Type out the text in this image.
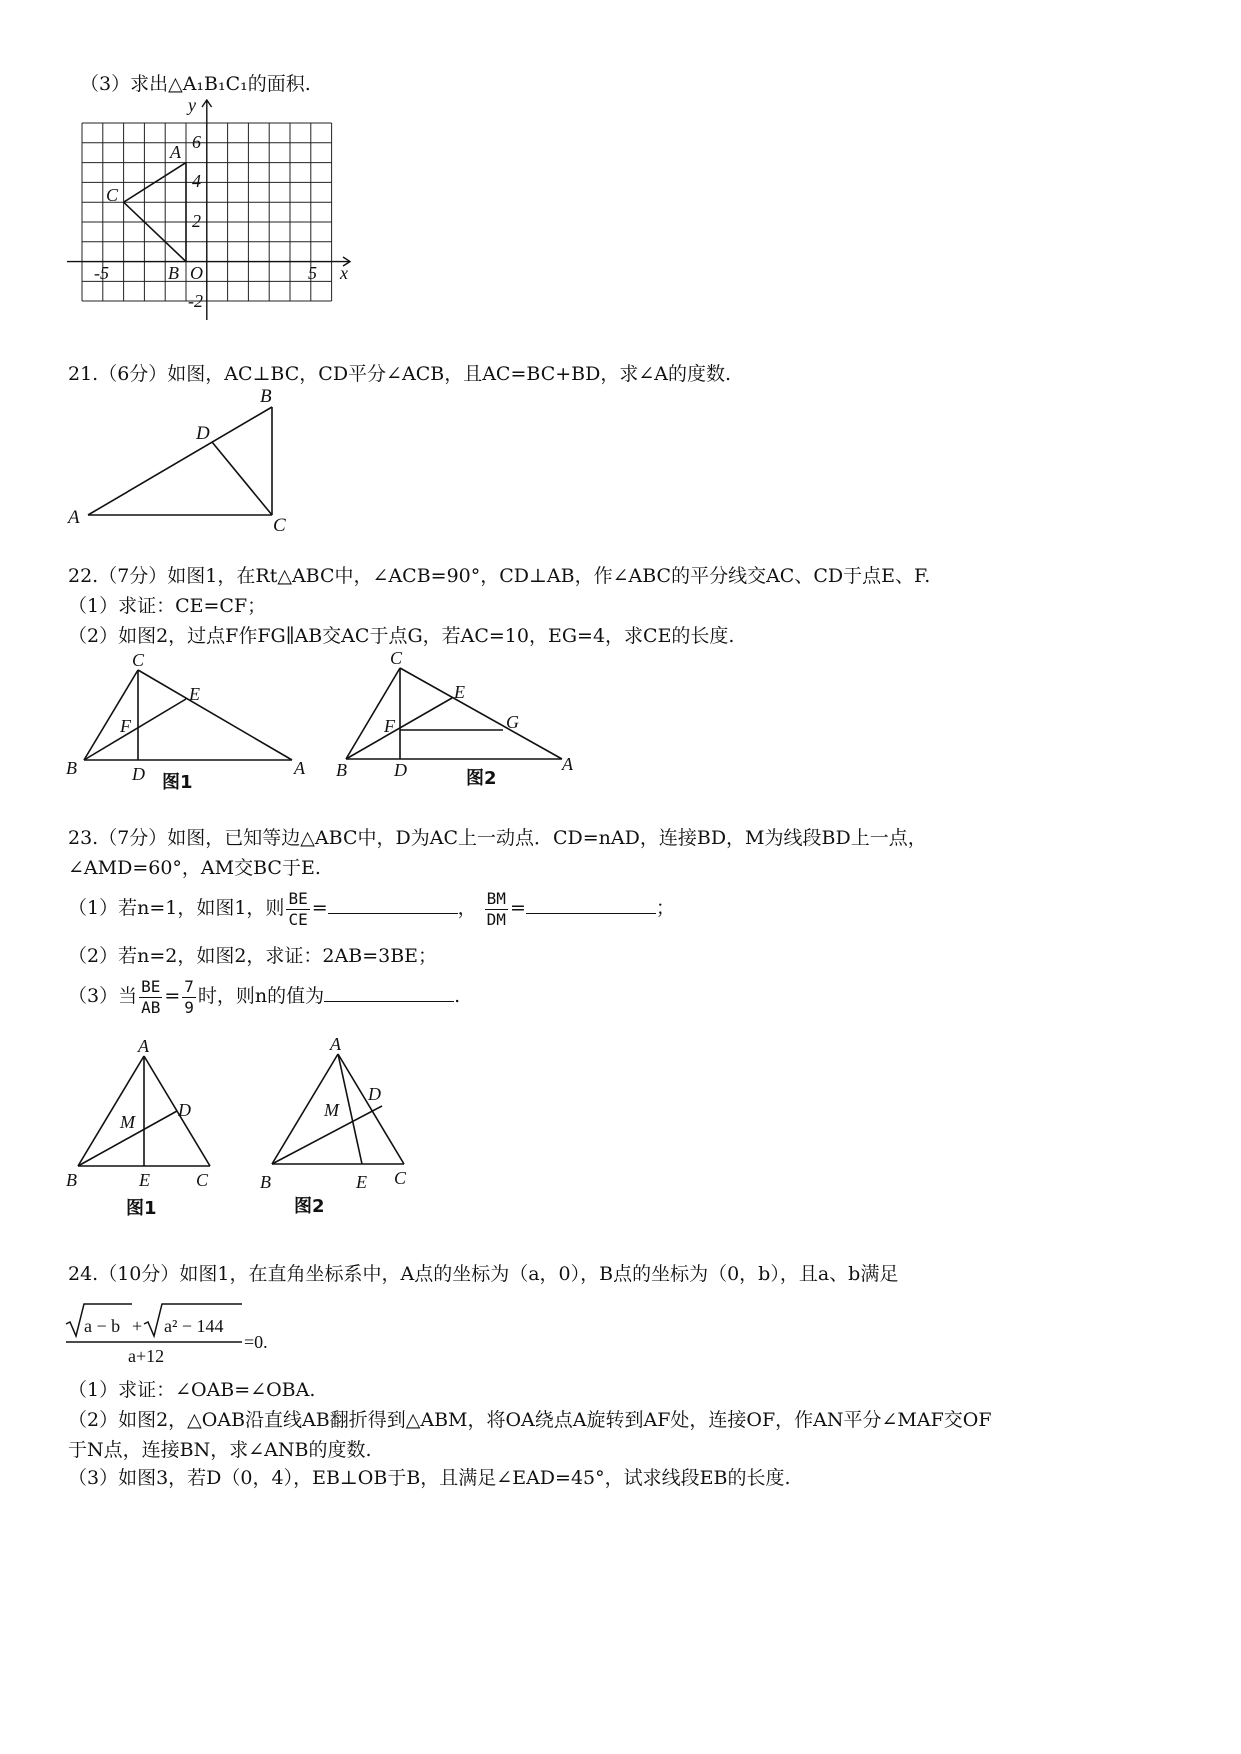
（3）求出△A₁B₁C₁的面积.
y
x
A
C
B O
6
4
2
-2
-5	5
21.（6分）如图，AC⊥BC，CD平分∠ACB，且AC=BC+BD，求∠A的度数.
A
B
C
D
22.（7分）如图1，在Rt△ABC中，∠ACB=90°，CD⊥AB，作∠ABC的平分线交AC、CD于点E、F.
（1）求证：CE=CF；
（2）如图2，过点F作FG∥AB交AC于点G，若AC=10，EG=4，求CE的长度.
C
E
F
B	D	A
图1
C
E
F	G
B	D	A
图2
23.（7分）如图，已知等边△ABC中，D为AC上一动点．CD=nAD，连接BD，M为线段BD上一点，
∠AMD=60°，AM交BC于E.
（1）若n=1，如图1，则 $\frac{BE}{CE}$ =	， $\frac{BM}{DM}$ =	；
（2）若n=2，如图2，求证：2AB=3BE；
（3）当 $\frac{BE}{AB} = \frac{7}{9}$ 时，则n的值为	.
A
M
D
B	E	C
图1
A
M
D
B	E C
图2
24.（10分）如图1，在直角坐标系中，A点的坐标为（a，0），B点的坐标为（0，b），且a、b满足
a − b + a² − 144
a+12
=0.
（1）求证：∠OAB=∠OBA.
（2）如图2，△OAB沿直线AB翻折得到△ABM，将OA绕点A旋转到AF处，连接OF，作AN平分∠MAF交OF
于N点，连接BN，求∠ANB的度数.
（3）如图3，若D（0，4），EB⊥OB于B，且满足∠EAD=45°，试求线段EB的长度.
